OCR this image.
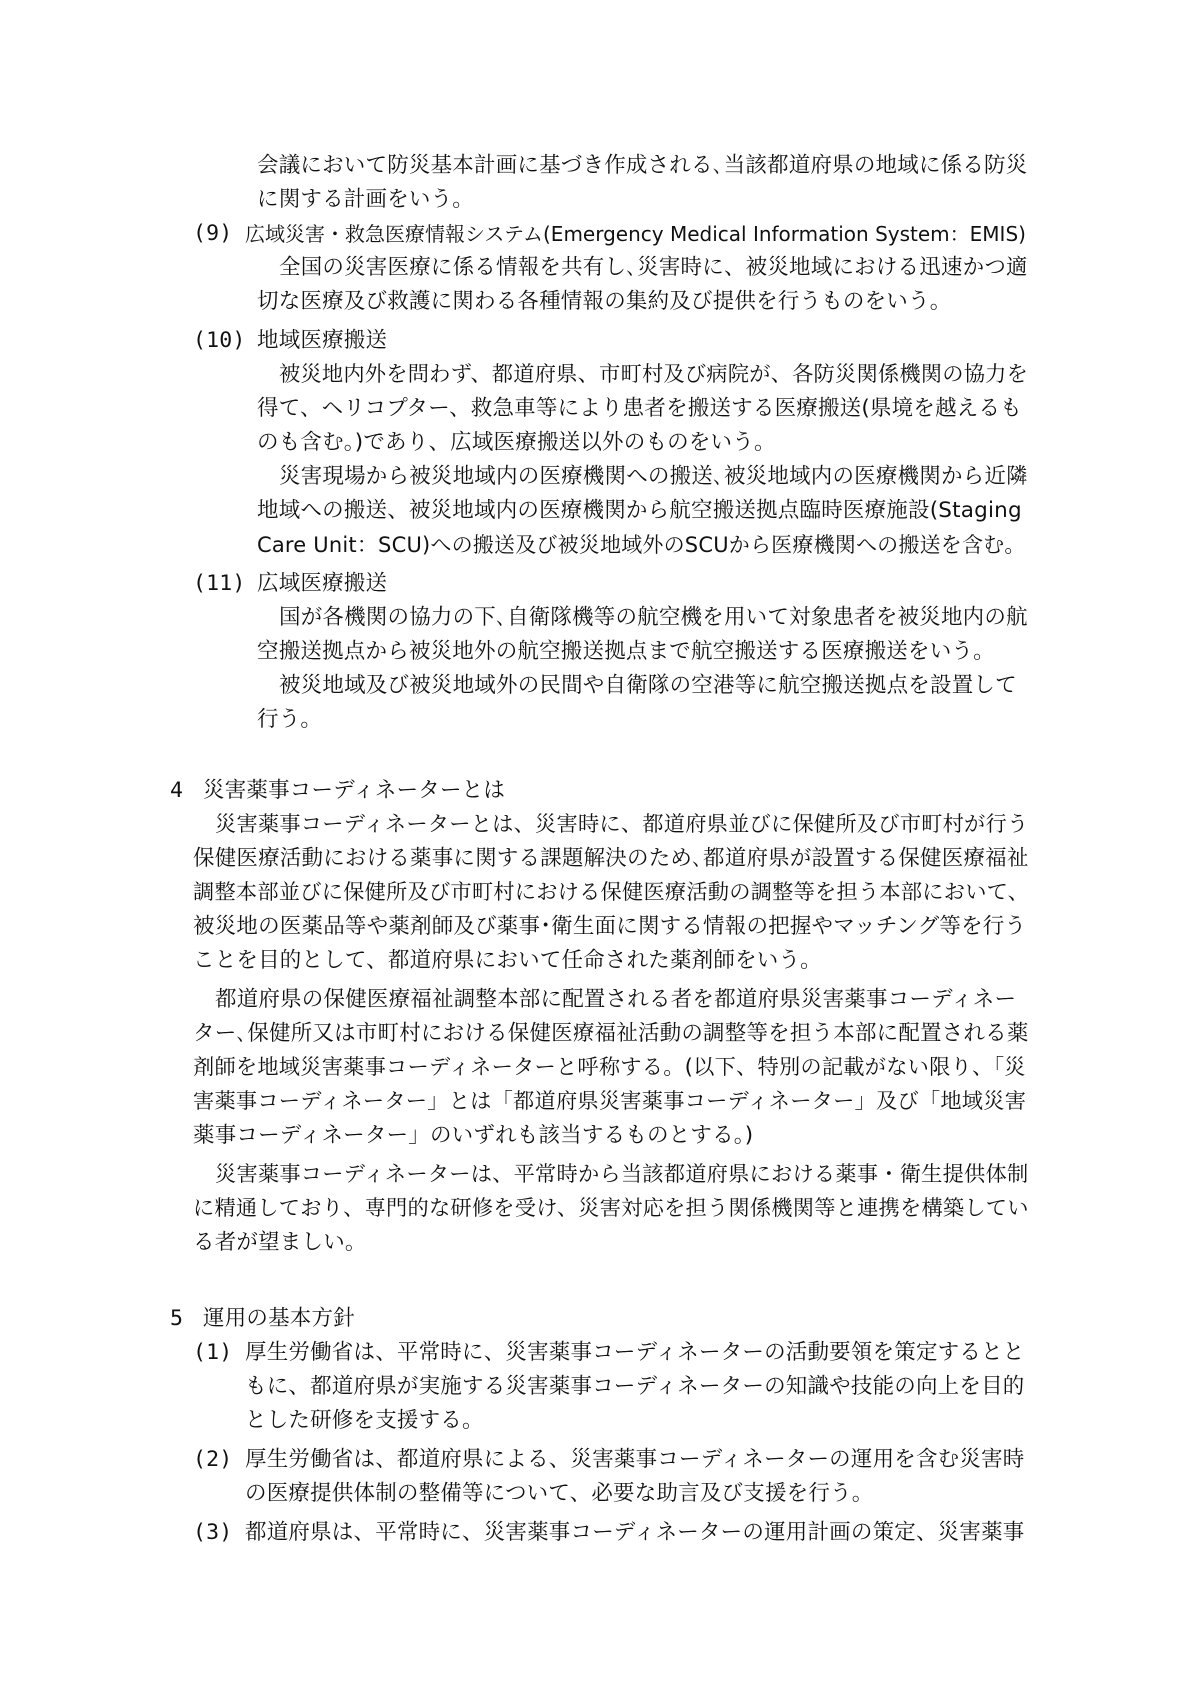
会議において防災基本計画に基づき作成される､当該都道府県の地域に係る防災
に関する計画をいう。
(9) 広域災害・救急医療情報システム(Emergency Medical Information System：EMIS)
全国の災害医療に係る情報を共有し､災害時に、被災地域における迅速かつ適
切な医療及び救護に関わる各種情報の集約及び提供を行うものをいう。
(10) 地域医療搬送
被災地内外を問わず、都道府県、市町村及び病院が、各防災関係機関の協力を
得て、ヘリコプター、救急車等により患者を搬送する医療搬送(県境を越えるも
のも含む。)であり、広域医療搬送以外のものをいう。
災害現場から被災地域内の医療機関への搬送､被災地域内の医療機関から近隣
地域への搬送、被災地域内の医療機関から航空搬送拠点臨時医療施設(Staging
Care Unit：SCU)への搬送及び被災地域外のSCUから医療機関への搬送を含む。
(11) 広域医療搬送
国が各機関の協力の下､自衛隊機等の航空機を用いて対象患者を被災地内の航
空搬送拠点から被災地外の航空搬送拠点まで航空搬送する医療搬送をいう。
被災地域及び被災地域外の民間や自衛隊の空港等に航空搬送拠点を設置して
行う。
4 災害薬事コーディネーターとは
災害薬事コーディネーターとは、災害時に、都道府県並びに保健所及び市町村が行う
保健医療活動における薬事に関する課題解決のため､都道府県が設置する保健医療福祉
調整本部並びに保健所及び市町村における保健医療活動の調整等を担う本部において、
被災地の医薬品等や薬剤師及び薬事･衛生面に関する情報の把握やマッチング等を行う
ことを目的として、都道府県において任命された薬剤師をいう。
都道府県の保健医療福祉調整本部に配置される者を都道府県災害薬事コーディネー
ター､保健所又は市町村における保健医療福祉活動の調整等を担う本部に配置される薬
剤師を地域災害薬事コーディネーターと呼称する。(以下、特別の記載がない限り、「災
害薬事コーディネーター」とは「都道府県災害薬事コーディネーター」及び「地域災害
薬事コーディネーター」のいずれも該当するものとする。)
災害薬事コーディネーターは、平常時から当該都道府県における薬事・衛生提供体制
に精通しており、専門的な研修を受け、災害対応を担う関係機関等と連携を構築してい
る者が望ましい。
5 運用の基本方針
(1) 厚生労働省は、平常時に、災害薬事コーディネーターの活動要領を策定するとと
もに、都道府県が実施する災害薬事コーディネーターの知識や技能の向上を目的
とした研修を支援する。
(2) 厚生労働省は、都道府県による、災害薬事コーディネーターの運用を含む災害時
の医療提供体制の整備等について、必要な助言及び支援を行う。
(3) 都道府県は、平常時に、災害薬事コーディネーターの運用計画の策定、災害薬事
